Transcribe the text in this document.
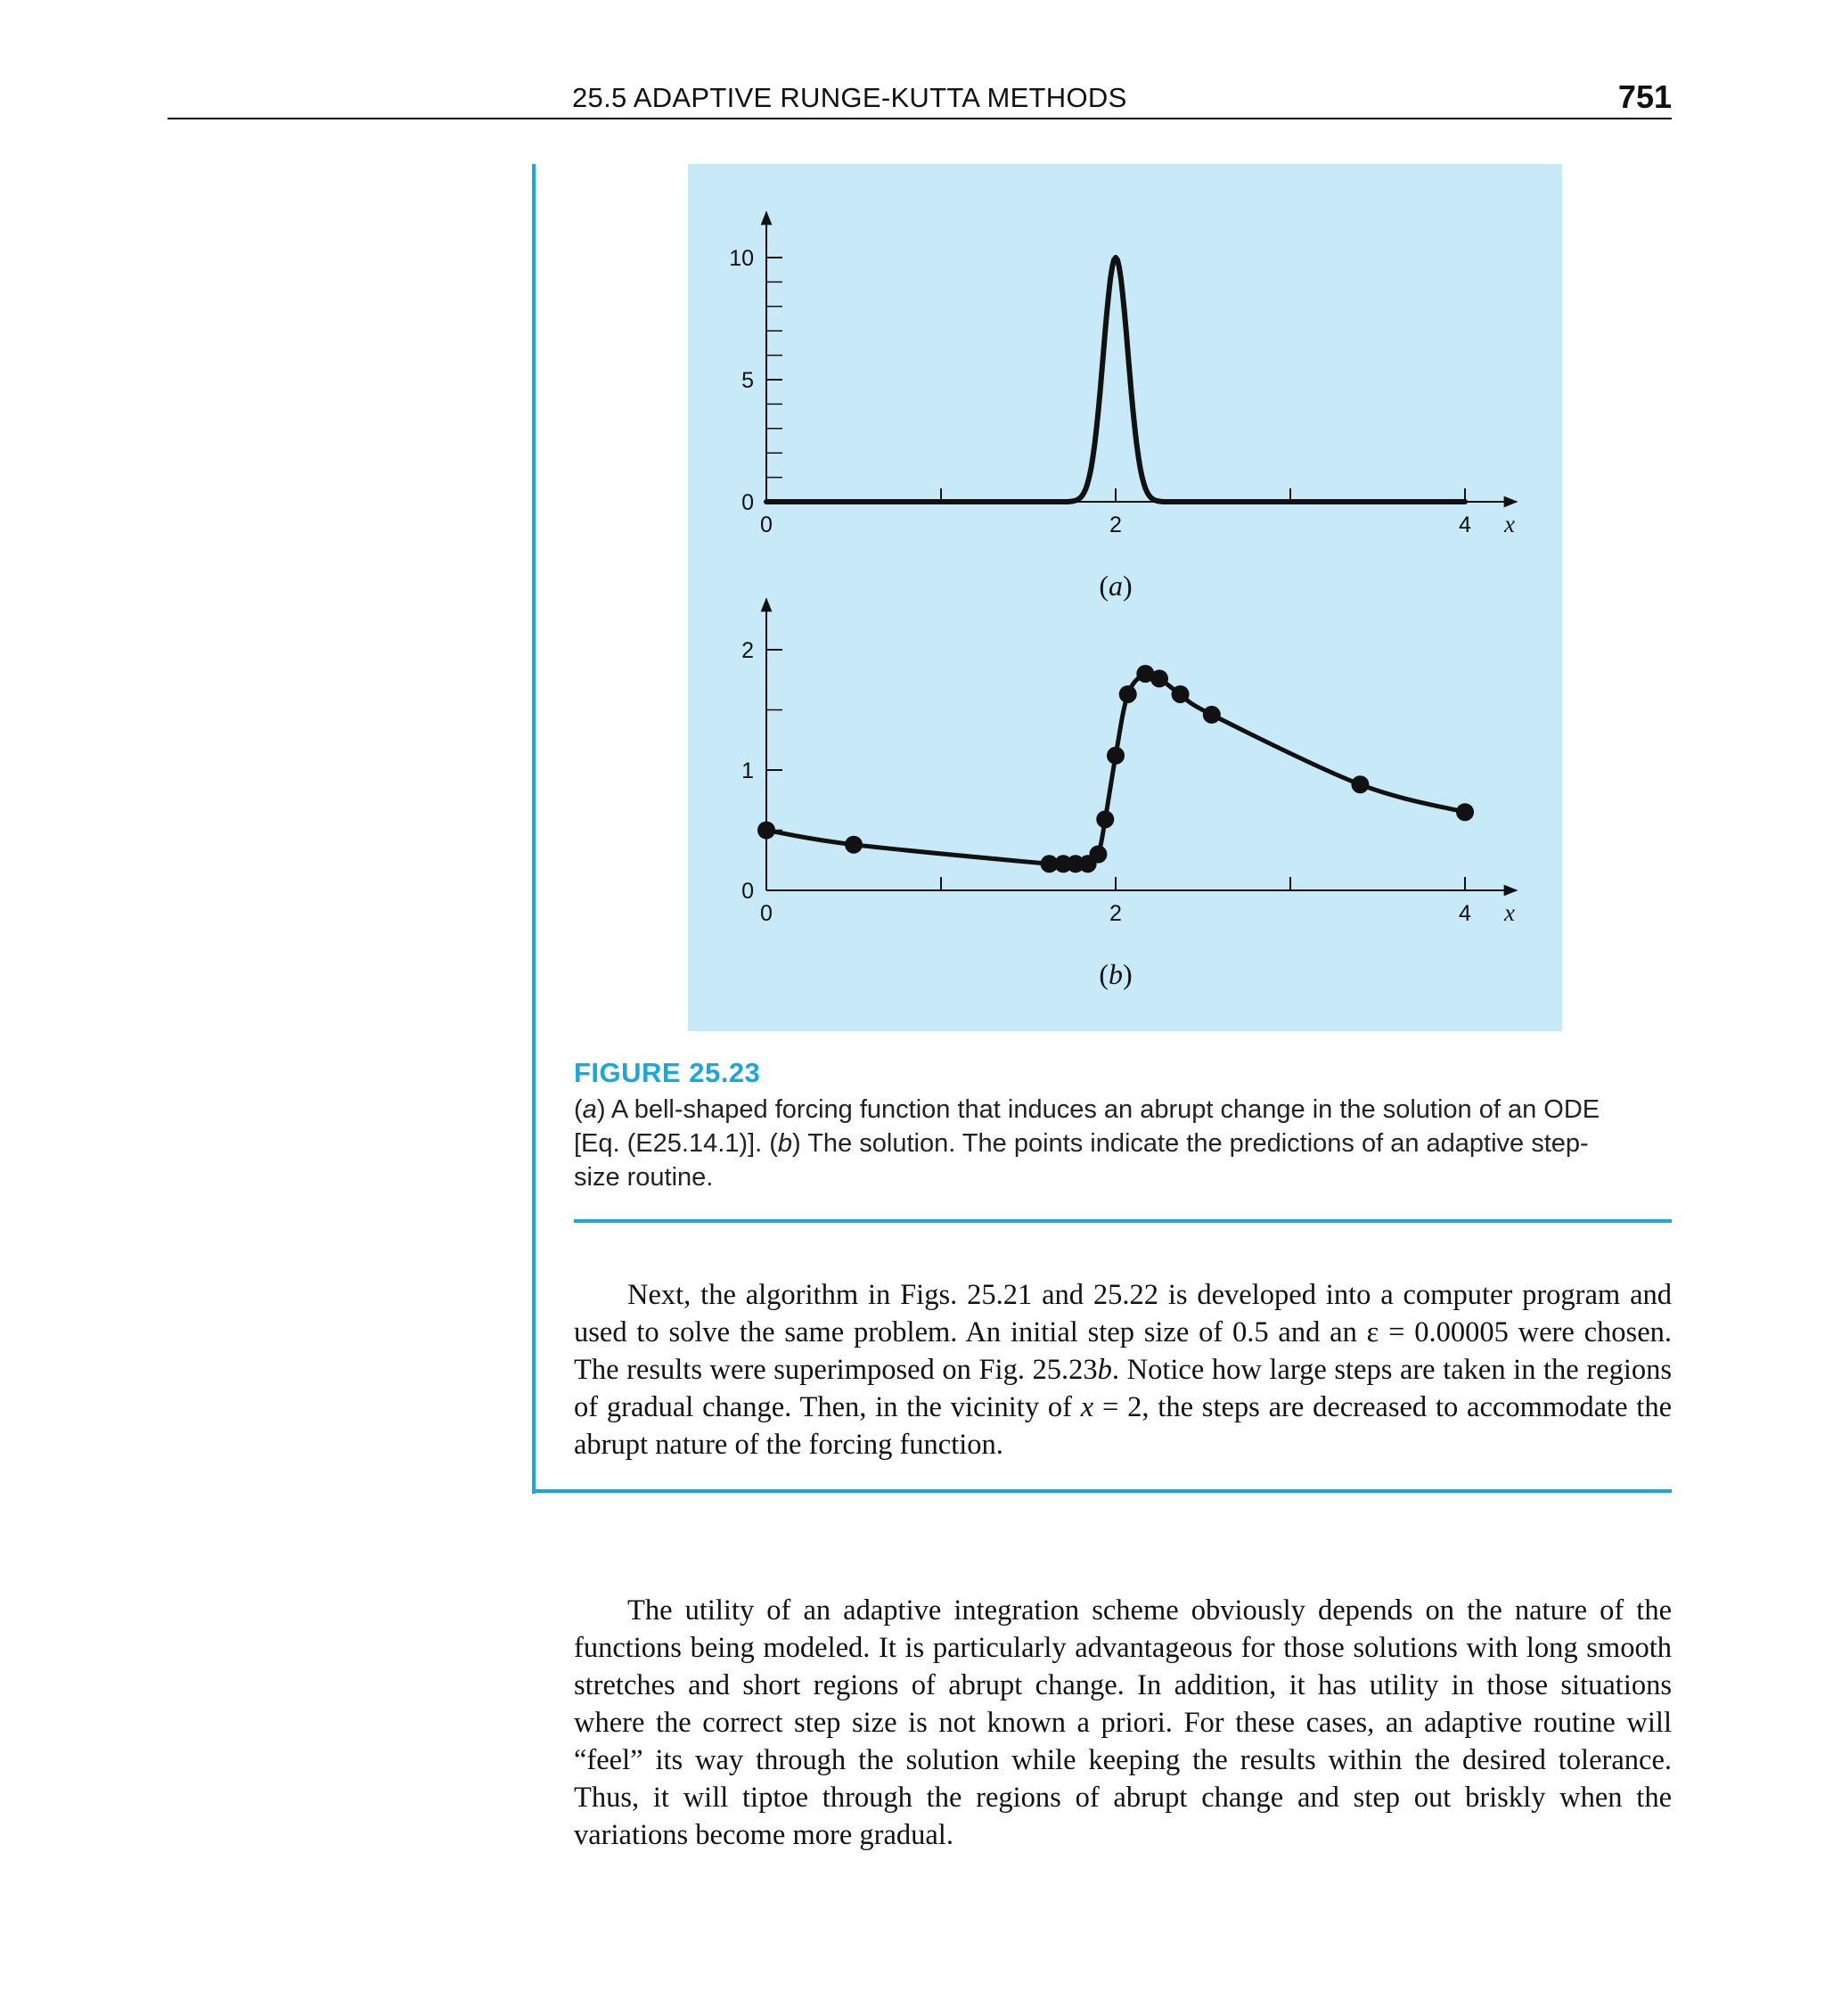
25.5 ADAPTIVE RUNGE-KUTTA METHODS	751
0	2	4
0
5
10
x
(a)
0	2	4
0
1
2
x
(b)

FIGURE 25.23

(a) A bell-shaped forcing function that induces an abrupt change in the solution of an ODE [Eq. (E25.14.1)]. (b) The solution. The points indicate the predictions of an adaptive step-size routine.

Next, the algorithm in Figs. 25.21 and 25.22 is developed into a computer program and used to solve the same problem. An initial step size of 0.5 and an ε = 0.00005 were chosen. The results were superimposed on Fig. 25.23b. Notice how large steps are taken in the regions of gradual change. Then, in the vicinity of x = 2, the steps are decreased to accommodate the abrupt nature of the forcing function.

The utility of an adaptive integration scheme obviously depends on the nature of the functions being modeled. It is particularly advantageous for those solutions with long smooth stretches and short regions of abrupt change. In addition, it has utility in those situations where the correct step size is not known a priori. For these cases, an adaptive routine will “feel” its way through the solution while keeping the results within the desired tolerance. Thus, it will tiptoe through the regions of abrupt change and step out briskly when the variations become more gradual.
